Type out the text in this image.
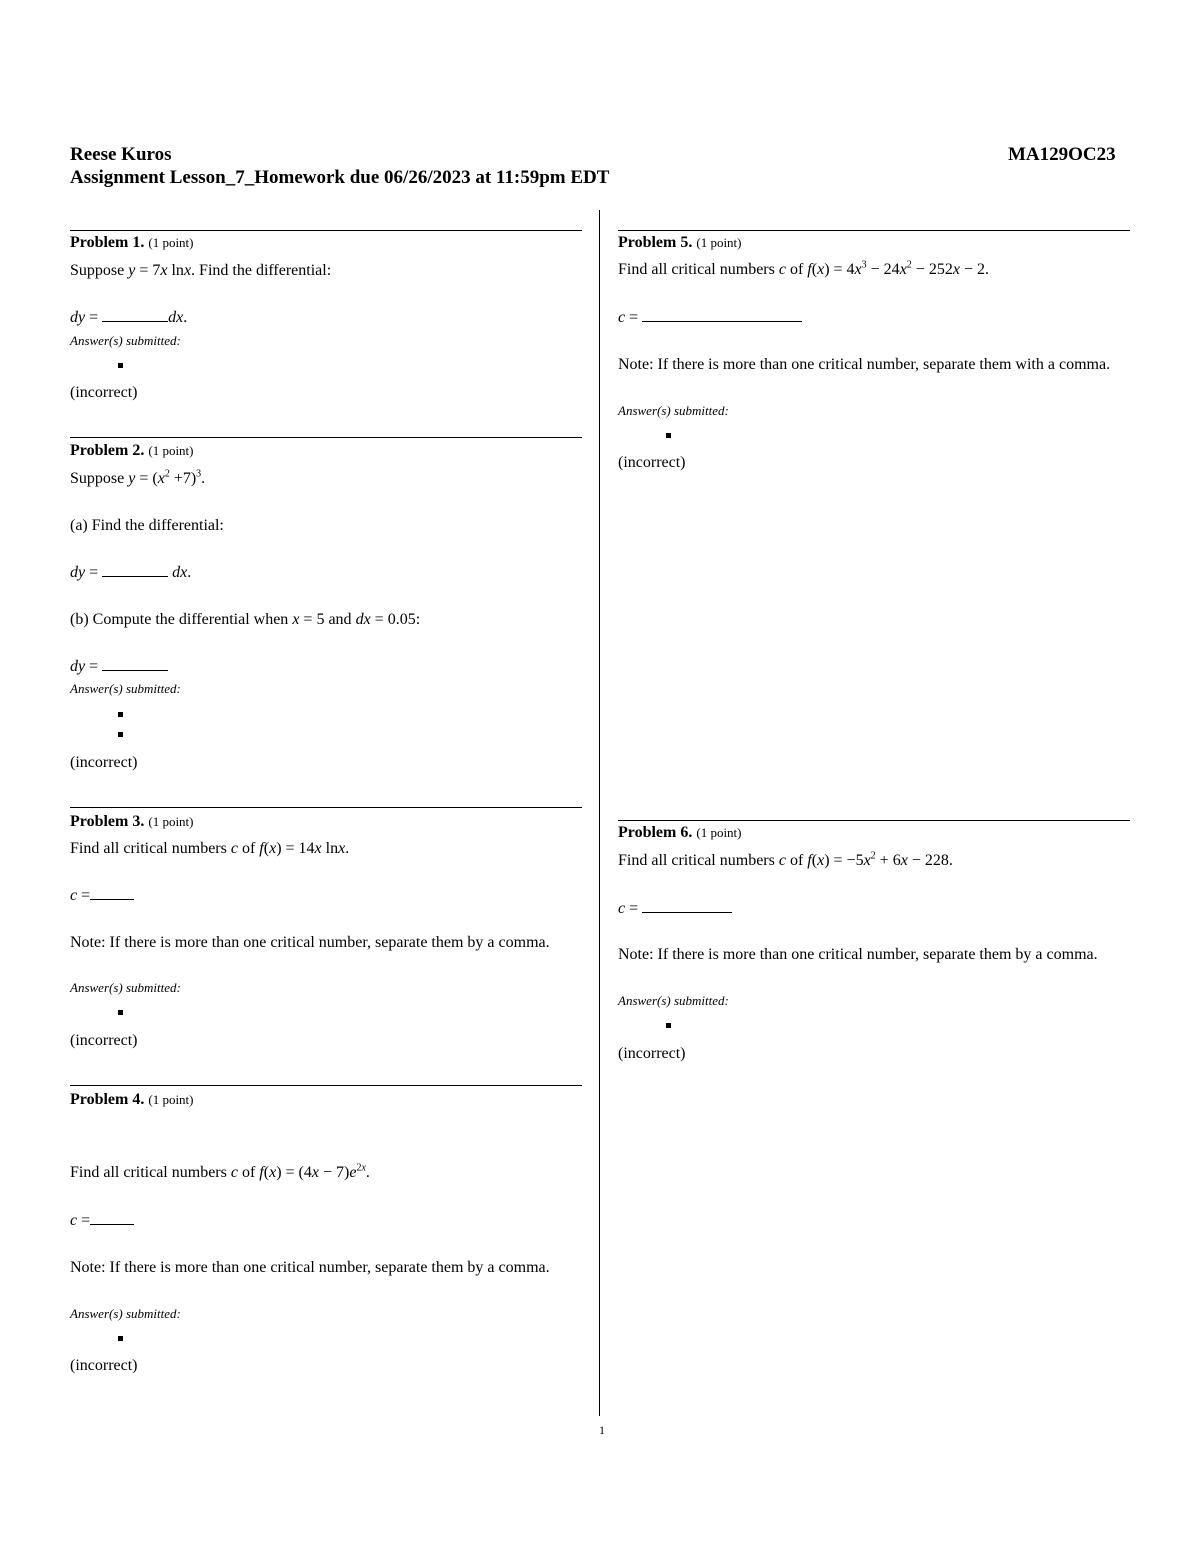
Reese Kuros	MA129OC23
Assignment Lesson_7_Homework due 06/26/2023 at 11:59pm EDT
Problem 1. (1 point)
Suppose y = 7x lnx. Find the differential:
dy =	dx.
Answer(s) submitted:
(incorrect)
Problem 2. (1 point)
Suppose $y = (x^2 +7)^3$.
(a) Find the differential:
dy =	dx.
(b) Compute the differential when x = 5 and dx = 0.05:
dy =
Answer(s) submitted:
(incorrect)
Problem 3. (1 point)
Find all critical numbers c of f(x) = 14x lnx.
c =
Note: If there is more than one critical number, separate them by a comma.
Answer(s) submitted:
(incorrect)
Problem 4. (1 point)
Find all critical numbers c of $f(x) = (4x - 7)e^{2x}$.
c =
Note: If there is more than one critical number, separate them by a comma.
Answer(s) submitted:
(incorrect)
Problem 5. (1 point)
Find all critical numbers c of $f(x) = 4x^3 - 24x^2 - 252x - 2$.
c =
Note: If there is more than one critical number, separate them with a comma.
Answer(s) submitted:
(incorrect)
Problem 6. (1 point)
Find all critical numbers c of $f(x) = -5x^2 + 6x - 228$.
c =
Note: If there is more than one critical number, separate them by a comma.
Answer(s) submitted:
(incorrect)
1
